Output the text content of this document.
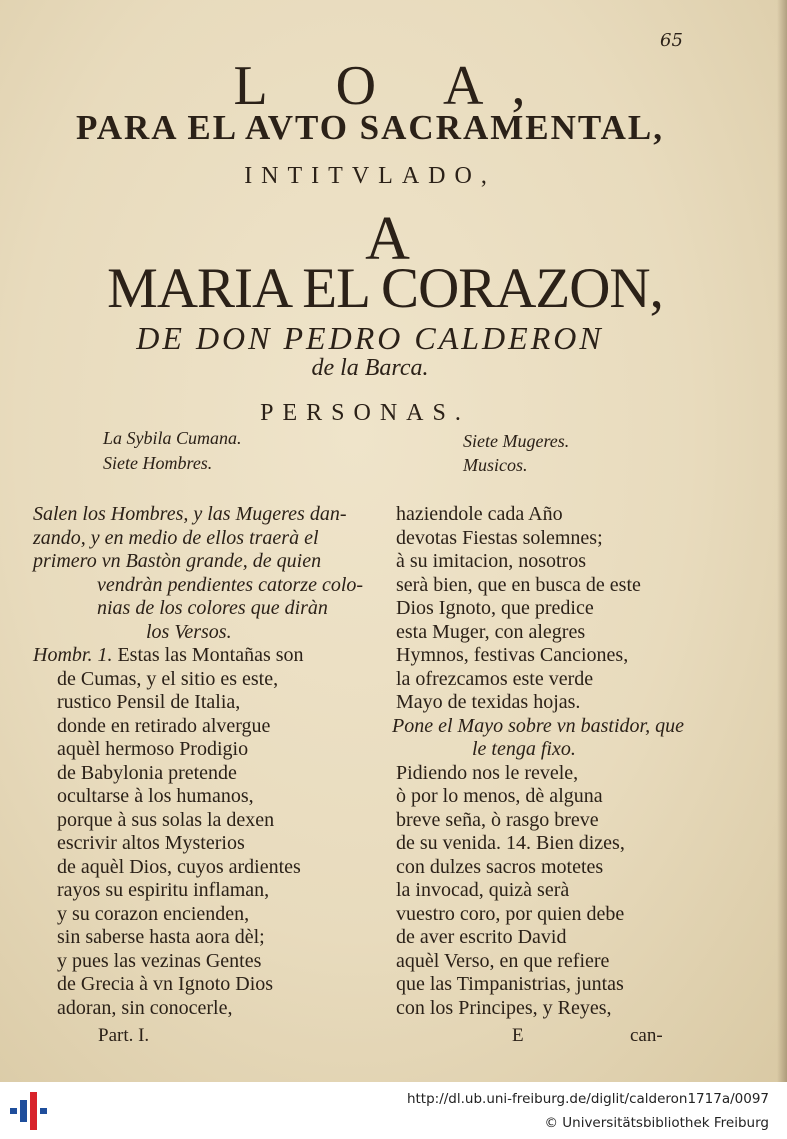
65
L O A,
PARA EL AVTO SACRAMENTAL,
INTITVLADO,
A
MARIA EL CORAZON,
DE DON PEDRO CALDERON
de la Barca.
PERSONAS.
La Sybila Cumana.
Siete Hombres.
Siete Mugeres.
Musicos.
Salen los Hombres, y las Mugeres dan-
zando, y en medio de ellos traerà el
primero vn Bastòn grande, de quien
vendràn pendientes catorze colo-
nias de los colores que diràn
los Versos.
Hombr. 1. Estas las Montañas son
de Cumas, y el sitio es este,
rustico Pensil de Italia,
donde en retirado alvergue
aquèl hermoso Prodigio
de Babylonia pretende
ocultarse à los humanos,
porque à sus solas la dexen
escrivir altos Mysterios
de aquèl Dios, cuyos ardientes
rayos su espiritu inflaman,
y su corazon encienden,
sin saberse hasta aora dèl;
y pues las vezinas Gentes
de Grecia à vn Ignoto Dios
adoran, sin conocerle,
haziendole cada Año
devotas Fiestas solemnes;
à su imitacion, nosotros
serà bien, que en busca de este
Dios Ignoto, que predice
esta Muger, con alegres
Hymnos, festivas Canciones,
la ofrezcamos este verde
Mayo de texidas hojas.
Pone el Mayo sobre vn bastidor, que
le tenga fixo.
Pidiendo nos le revele,
ò por lo menos, dè alguna
breve seña, ò rasgo breve
de su venida. 14. Bien dizes,
con dulzes sacros motetes
la invocad, quizà serà
vuestro coro, por quien debe
de aver escrito David
aquèl Verso, en que refiere
que las Timpanistrias, juntas
con los Principes, y Reyes,
Part. I.	E	can-
http://dl.ub.uni-freiburg.de/diglit/calderon1717a/0097
© Universitätsbibliothek Freiburg
